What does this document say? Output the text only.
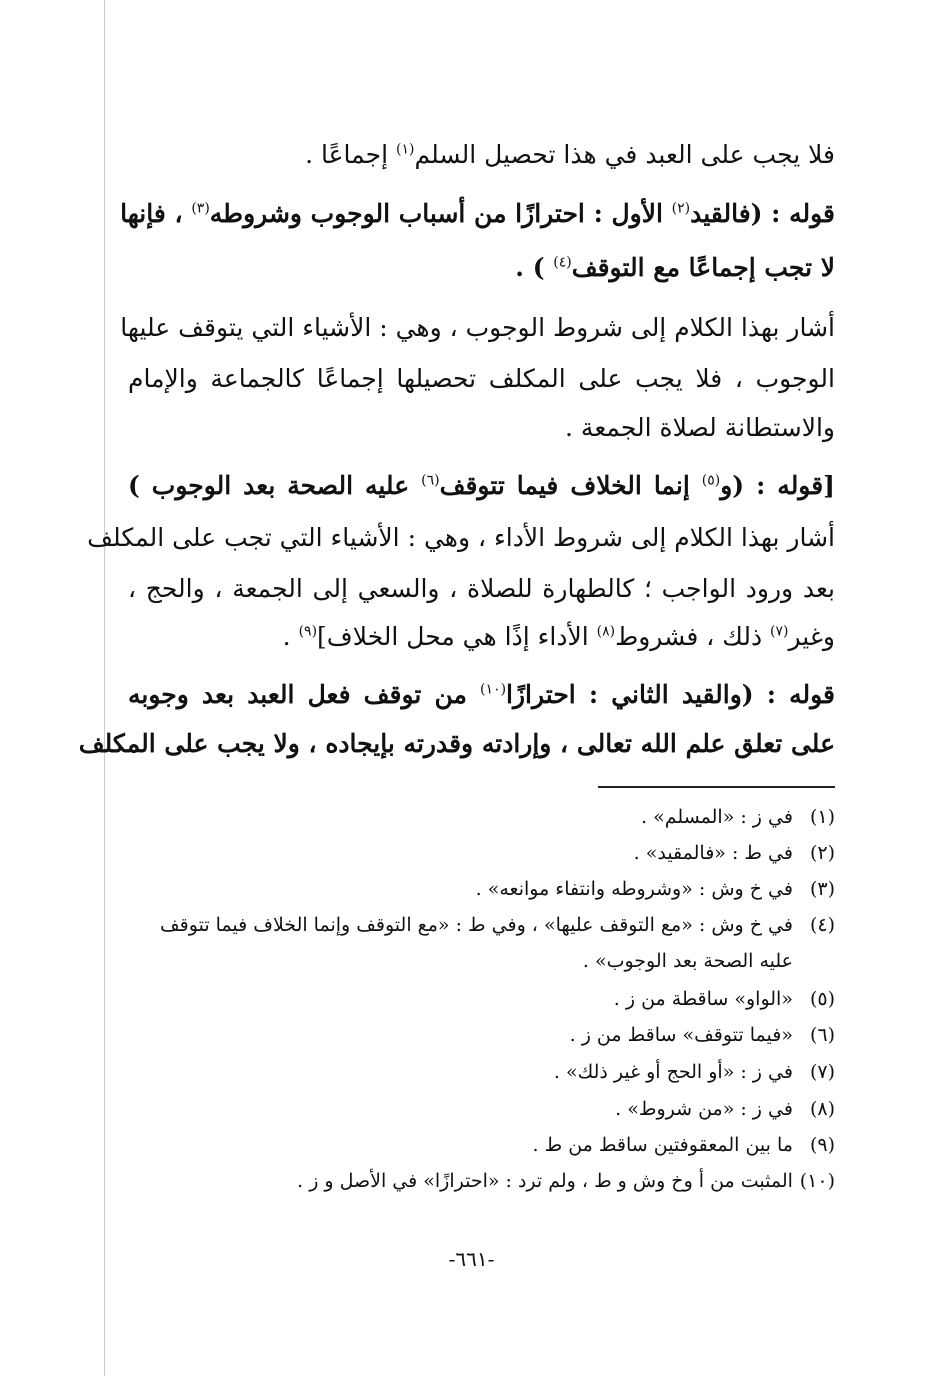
فلا يجب على العبد في هذا تحصيل السلم$^{(١)}$ إجماعًا .
قوله : (فالقيد$^{(٢)}$ الأول : احترازًا من أسباب الوجوب وشروطه$^{(٣)}$ ، فإنها
لا تجب إجماعًا مع التوقف$^{(٤)}$ ) .
أشار بهذا الكلام إلى شروط الوجوب ، وهي : الأشياء التي يتوقف عليها
الوجوب ، فلا يجب على المكلف تحصيلها إجماعًا كالجماعة والإمام
والاستطانة لصلاة الجمعة .
[قوله : (و$^{(٥)}$ إنما الخلاف فيما تتوقف$^{(٦)}$ عليه الصحة بعد الوجوب )
أشار بهذا الكلام إلى شروط الأداء ، وهي : الأشياء التي تجب على المكلف
بعد ورود الواجب ؛ كالطهارة للصلاة ، والسعي إلى الجمعة ، والحج ،
وغير$^{(٧)}$ ذلك ، فشروط$^{(٨)}$ الأداء إذًا هي محل الخلاف]$^{(٩)}$ .
قوله : (والقيد الثاني : احترازًا$^{(١٠)}$ من توقف فعل العبد بعد وجوبه
على تعلق علم الله تعالى ، وإرادته وقدرته بإيجاده ، ولا يجب على المكلف
(١) في ز : «المسلم» .
(٢) في ط : «فالمقيد» .
(٣) في خ وش : «وشروطه وانتفاء موانعه» .
(٤) في خ وش : «مع التوقف عليها» ، وفي ط : «مع التوقف وإنما الخلاف فيما تتوقف
عليه الصحة بعد الوجوب» .
(٥) «الواو» ساقطة من ز .
(٦) «فيما تتوقف» ساقط من ز .
(٧) في ز : «أو الحج أو غير ذلك» .
(٨) في ز : «من شروط» .
(٩) ما بين المعقوفتين ساقط من ط .
(١٠) المثبت من أ وخ وش و ط ، ولم ترد : «احترازًا» في الأصل و ز .
-٦٦١-
